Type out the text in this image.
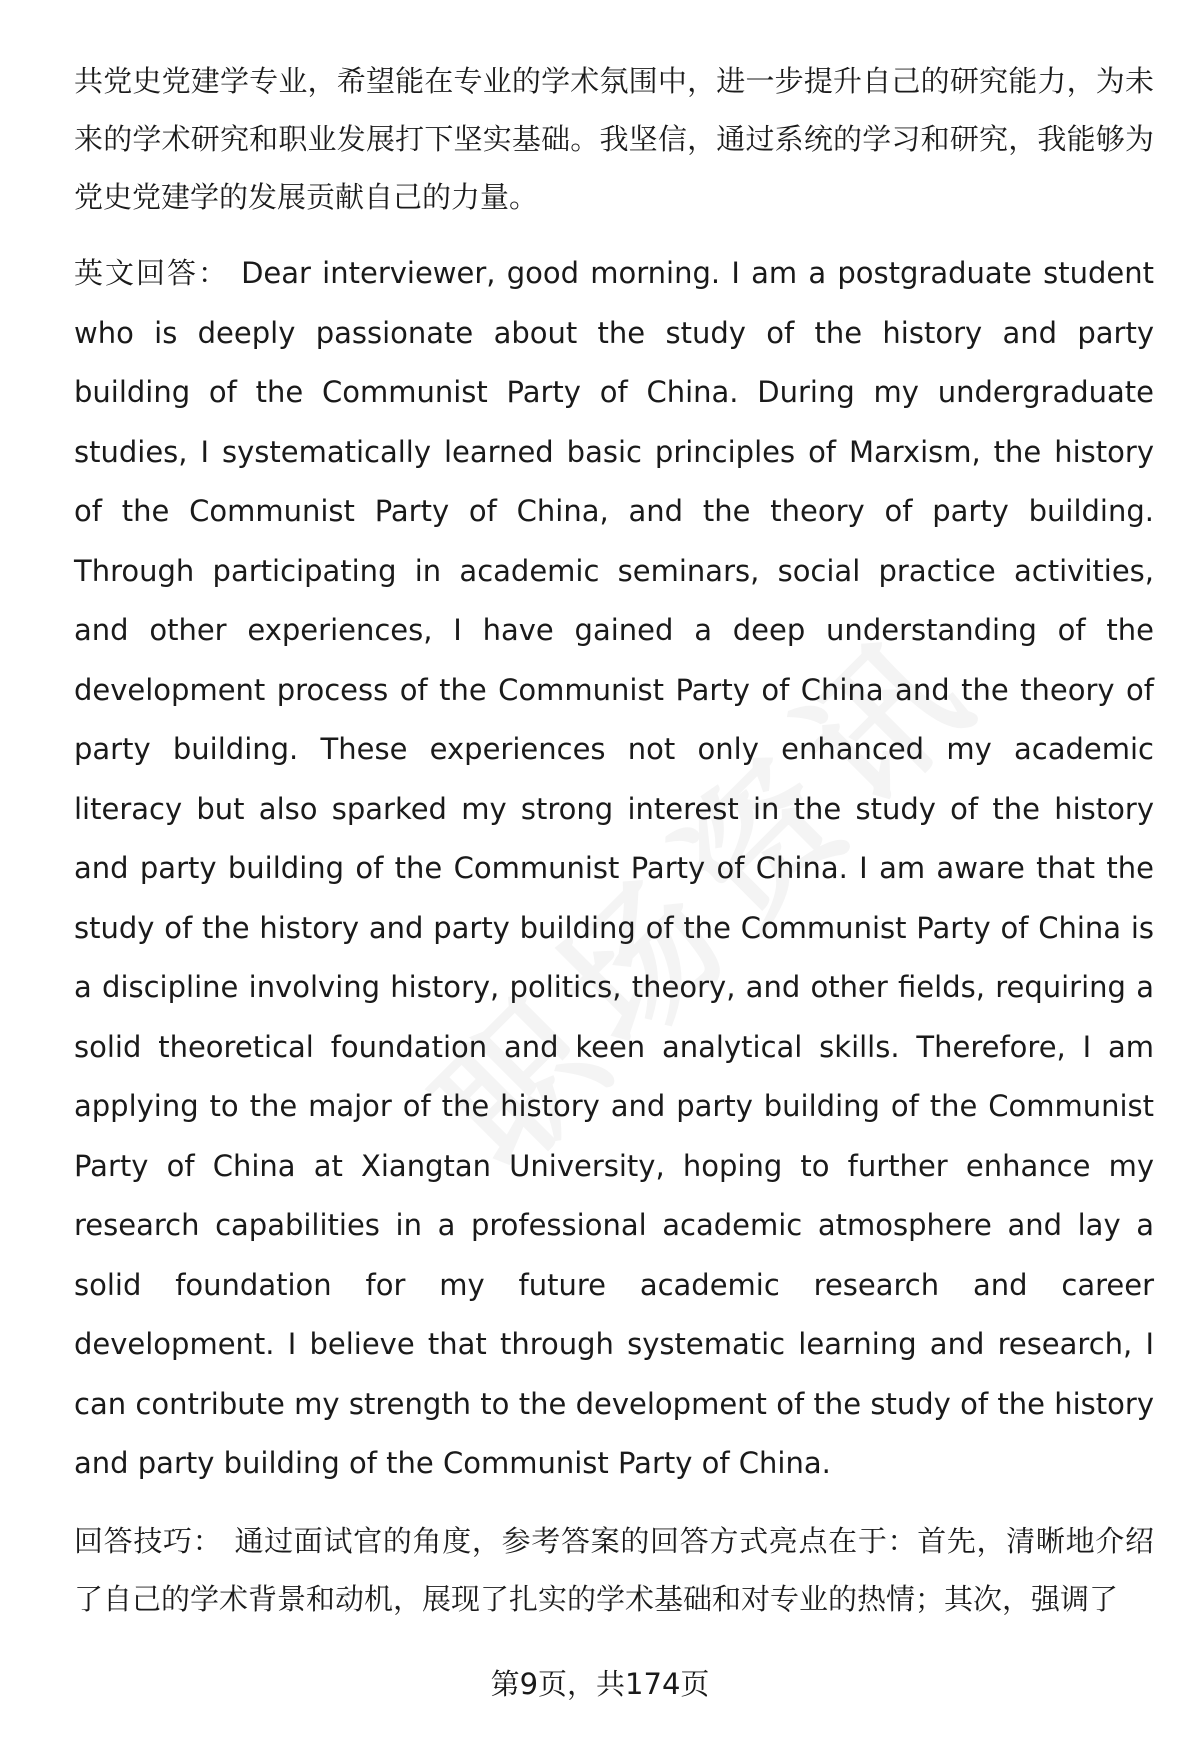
共党史党建学专业，希望能在专业的学术氛围中，进一步提升自己的研究能力，为未来的学术研究和职业发展打下坚实基础。我坚信，通过系统的学习和研究，我能够为党史党建学的发展贡献自己的力量。

英文回答： Dear interviewer, good morning. I am a postgraduate student who is deeply passionate about the study of the history and party building of the Communist Party of China. During my undergraduate studies, I systematically learned basic principles of Marxism, the history of the Communist Party of China, and the theory of party building. Through participating in academic seminars, social practice activities, and other experiences, I have gained a deep understanding of the development process of the Communist Party of China and the theory of party building. These experiences not only enhanced my academic literacy but also sparked my strong interest in the study of the history and party building of the Communist Party of China. I am aware that the study of the history and party building of the Communist Party of China is a discipline involving history, politics, theory, and other fields, requiring a solid theoretical foundation and keen analytical skills. Therefore, I am applying to the major of the history and party building of the Communist Party of China at Xiangtan University, hoping to further enhance my research capabilities in a professional academic atmosphere and lay a solid foundation for my future academic research and career development. I believe that through systematic learning and research, I can contribute my strength to the development of the study of the history and party building of the Communist Party of China.

回答技巧： 通过面试官的角度，参考答案的回答方式亮点在于：首先，清晰地介绍了自己的学术背景和动机，展现了扎实的学术基础和对专业的热情；其次，强调了

第9页，共174页
